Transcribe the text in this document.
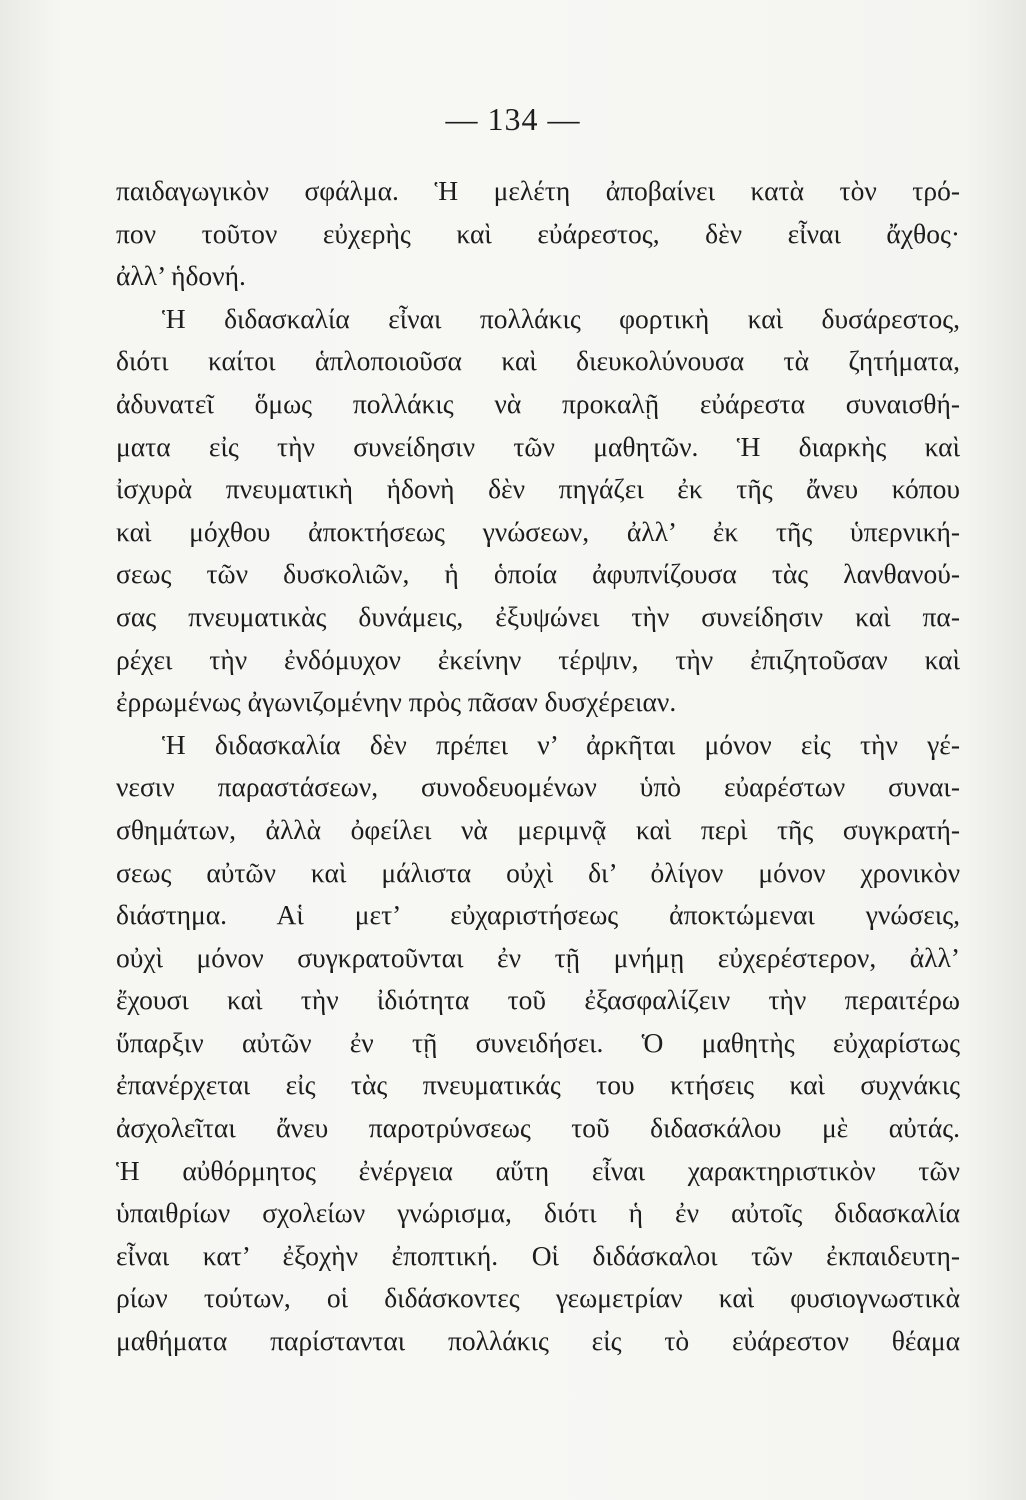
— 134 —
παιδαγωγικὸν σφάλμα. Ἡ μελέτη ἀποβαίνει κατὰ τὸν τρό-
πον τοῦτον εὐχερὴς καὶ εὐάρεστος, δὲν εἶναι ἄχθος·
ἀλλ’ ἡδονή.
Ἡ διδασκαλία εἶναι πολλάκις φορτικὴ καὶ δυσάρεστος,
διότι καίτοι ἁπλοποιοῦσα καὶ διευκολύνουσα τὰ ζητήματα,
ἀδυνατεῖ ὅμως πολλάκις νὰ προκαλῇ εὐάρεστα συναισθή-
ματα εἰς τὴν συνείδησιν τῶν μαθητῶν. Ἡ διαρκὴς καὶ
ἰσχυρὰ πνευματικὴ ἡδονὴ δὲν πηγάζει ἐκ τῆς ἄνευ κόπου
καὶ μόχθου ἀποκτήσεως γνώσεων, ἀλλ’ ἐκ τῆς ὑπερνική-
σεως τῶν δυσκολιῶν, ἡ ὁποία ἀφυπνίζουσα τὰς λανθανού-
σας πνευματικὰς δυνάμεις, ἐξυψώνει τὴν συνείδησιν καὶ πα-
ρέχει τὴν ἐνδόμυχον ἐκείνην τέρψιν, τὴν ἐπιζητοῦσαν καὶ
ἐρρωμένως ἀγωνιζομένην πρὸς πᾶσαν δυσχέρειαν.
Ἡ διδασκαλία δὲν πρέπει ν’ ἀρκῆται μόνον εἰς τὴν γέ-
νεσιν παραστάσεων, συνοδευομένων ὑπὸ εὐαρέστων συναι-
σθημάτων, ἀλλὰ ὀφείλει νὰ μεριμνᾷ καὶ περὶ τῆς συγκρατή-
σεως αὐτῶν καὶ μάλιστα οὐχὶ δι’ ὀλίγον μόνον χρονικὸν
διάστημα. Αἱ μετ’ εὐχαριστήσεως ἀποκτώμεναι γνώσεις,
οὐχὶ μόνον συγκρατοῦνται ἐν τῇ μνήμῃ εὐχερέστερον, ἀλλ’
ἔχουσι καὶ τὴν ἰδιότητα τοῦ ἐξασφαλίζειν τὴν περαιτέρω
ὕπαρξιν αὐτῶν ἐν τῇ συνειδήσει. Ὁ μαθητὴς εὐχαρίστως
ἐπανέρχεται εἰς τὰς πνευματικάς του κτήσεις καὶ συχνάκις
ἀσχολεῖται ἄνευ παροτρύνσεως τοῦ διδασκάλου μὲ αὐτάς.
Ἡ αὐθόρμητος ἐνέργεια αὕτη εἶναι χαρακτηριστικὸν τῶν
ὑπαιθρίων σχολείων γνώρισμα, διότι ἡ ἐν αὐτοῖς διδασκαλία
εἶναι κατ’ ἐξοχὴν ἐποπτική. Οἱ διδάσκαλοι τῶν ἐκπαιδευτη-
ρίων τούτων, οἱ διδάσκοντες γεωμετρίαν καὶ φυσιογνωστικὰ
μαθήματα παρίστανται πολλάκις εἰς τὸ εὐάρεστον θέαμα
